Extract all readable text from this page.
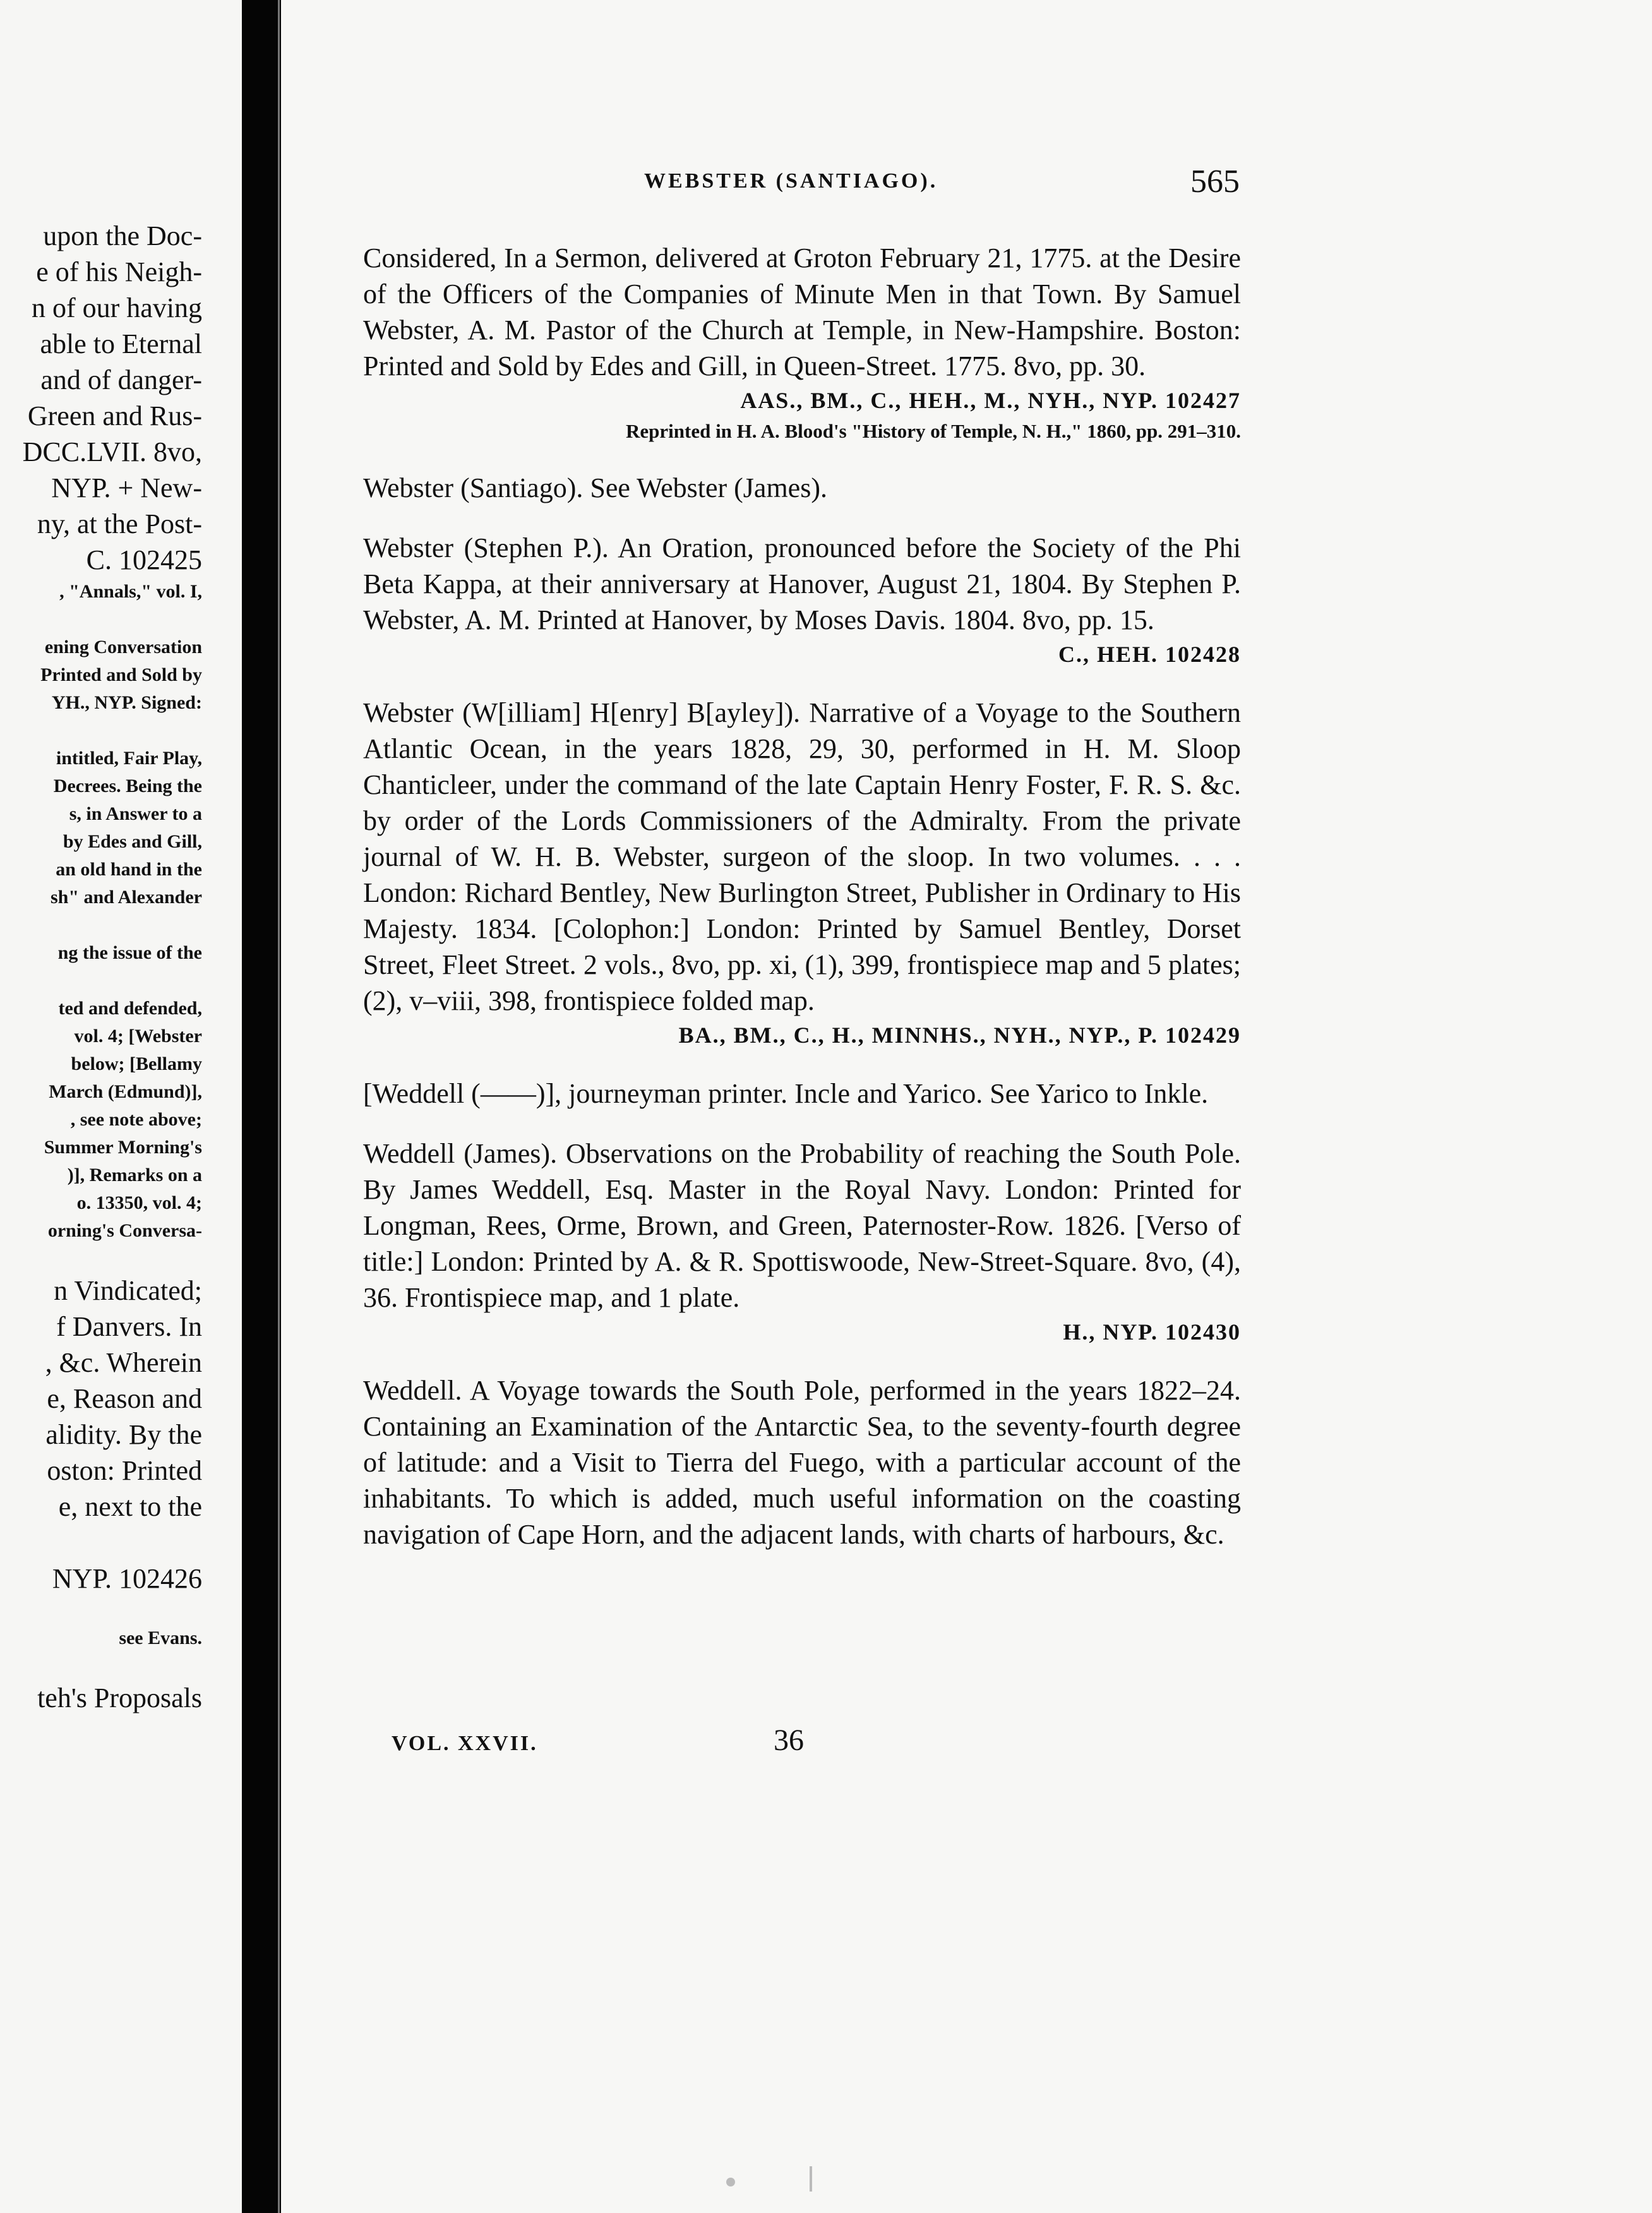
upon the Doc-
e of his Neigh-
n of our having
able to Eternal
and of danger-
Green and Rus-
DCC.LVII. 8vo,
NYP. + New-
ny, at the Post-
C. 102425
, "Annals," vol. I,

ening Conversation
Printed and Sold by
YH., NYP. Signed:

intitled, Fair Play,
Decrees. Being the
s, in Answer to a
by Edes and Gill,
an old hand in the
sh" and Alexander

ng the issue of the

ted and defended,
vol. 4; [Webster
below; [Bellamy
March (Edmund)],
, see note above;
Summer Morning's
)], Remarks on a
o. 13350, vol. 4;
orning's Conversa-

n Vindicated;
f Danvers. In
, &c. Wherein
e, Reason and
alidity. By the
oston: Printed
e, next to the

NYP. 102426

see Evans.

teh's Proposals
WEBSTER (SANTIAGO).	565

Considered, In a Sermon, delivered at Groton February 21, 1775. at the Desire of the Officers of the Companies of Minute Men in that Town. By Samuel Webster, A. M. Pastor of the Church at Temple, in New-Hampshire. Boston: Printed and Sold by Edes and Gill, in Queen-Street. 1775. 8vo, pp. 30.

AAS., BM., C., HEH., M., NYH., NYP. 102427
Reprinted in H. A. Blood's "History of Temple, N. H.," 1860, pp. 291–310.

Webster (Santiago). See Webster (James).

Webster (Stephen P.). An Oration, pronounced before the Society of the Phi Beta Kappa, at their anniversary at Hanover, August 21, 1804. By Stephen P. Webster, A. M. Printed at Hanover, by Moses Davis. 1804. 8vo, pp. 15.

C., HEH. 102428

Webster (W[illiam] H[enry] B[ayley]). Narrative of a Voyage to the Southern Atlantic Ocean, in the years 1828, 29, 30, performed in H. M. Sloop Chanticleer, under the command of the late Captain Henry Foster, F. R. S. &c. by order of the Lords Commissioners of the Admiralty. From the private journal of W. H. B. Webster, surgeon of the sloop. In two volumes. . . . London: Richard Bentley, New Burlington Street, Publisher in Ordinary to His Majesty. 1834. [Colophon:] London: Printed by Samuel Bentley, Dorset Street, Fleet Street. 2 vols., 8vo, pp. xi, (1), 399, frontispiece map and 5 plates; (2), v–viii, 398, frontispiece folded map.

BA., BM., C., H., MINNHS., NYH., NYP., P. 102429

[Weddell (——)], journeyman printer. Incle and Yarico. See Yarico to Inkle.

Weddell (James). Observations on the Probability of reaching the South Pole. By James Weddell, Esq. Master in the Royal Navy. London: Printed for Longman, Rees, Orme, Brown, and Green, Paternoster-Row. 1826. [Verso of title:] London: Printed by A. & R. Spottiswoode, New-Street-Square. 8vo, (4), 36. Frontispiece map, and 1 plate.

H., NYP. 102430

Weddell. A Voyage towards the South Pole, performed in the years 1822–24. Containing an Examination of the Antarctic Sea, to the seventy-fourth degree of latitude: and a Visit to Tierra del Fuego, with a particular account of the inhabitants. To which is added, much useful information on the coasting navigation of Cape Horn, and the adjacent lands, with charts of harbours, &c.

VOL. XXVII.	36
